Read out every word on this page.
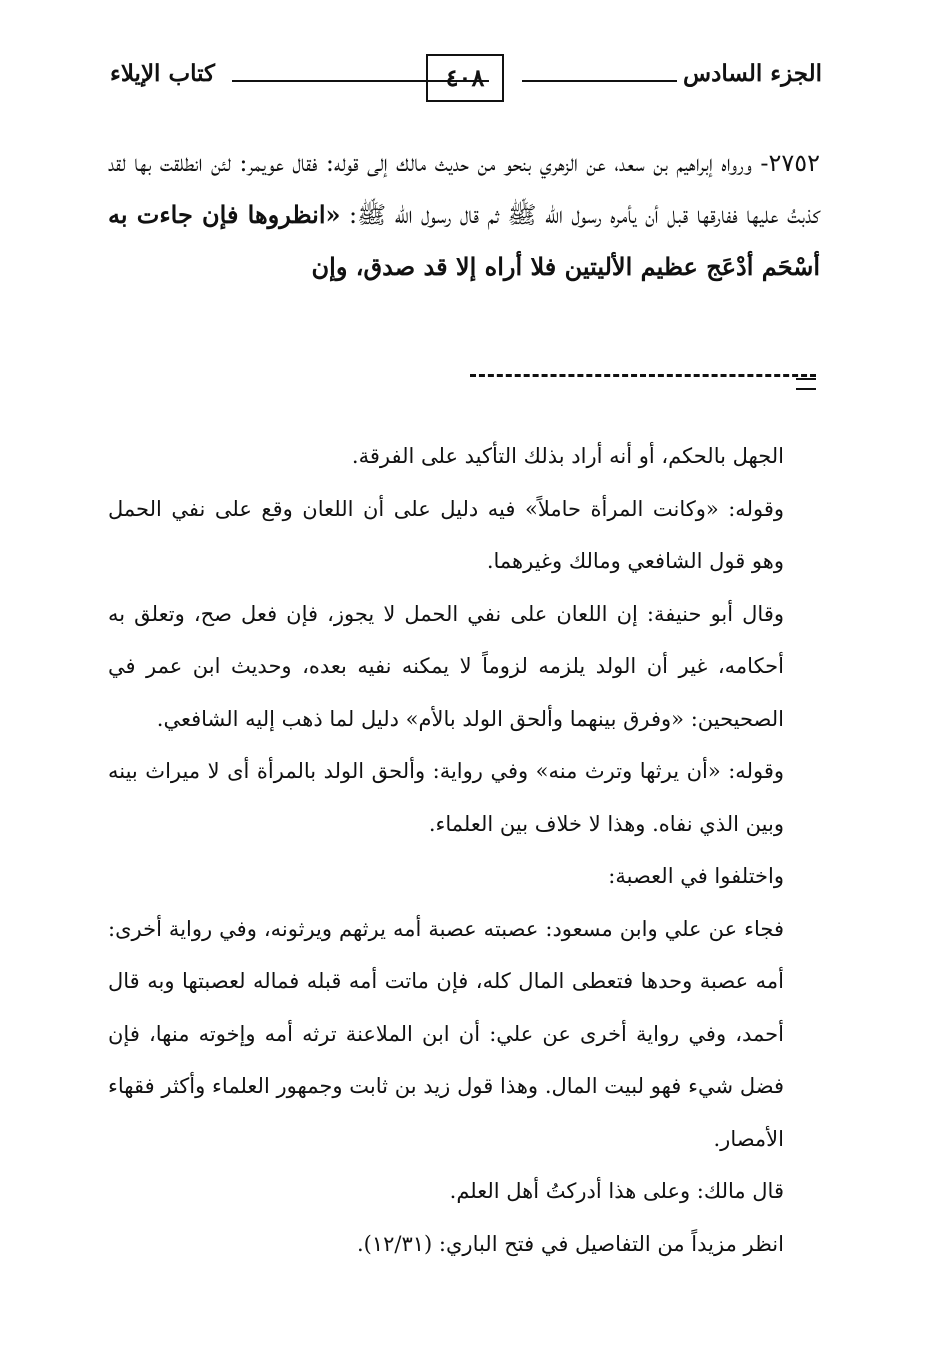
الجزء السادس
٤٠٨
كتاب الإيلاء
٢٧٥٢- ورواه إبراهيم بن سعد، عن الزهري بنحو من حديث مالك إلى قوله: فقال عويمر: لئن انطلقت بها لقد كذبتُ عليها ففارقها قبل أن يأمره رسول الله ﷺ ثم قال رسول الله ﷺ: «انظروها فإن جاءت به أسْحَم أدْعَج عظيم الأليتين فلا أراه إلا قد صدق، وإن

الجهل بالحكم، أو أنه أراد بذلك التأكيد على الفرقة.

وقوله: «وكانت المرأة حاملاً» فيه دليل على أن اللعان وقع على نفي الحمل وهو قول الشافعي ومالك وغيرهما.

وقال أبو حنيفة: إن اللعان على نفي الحمل لا يجوز، فإن فعل صح، وتعلق به أحكامه، غير أن الولد يلزمه لزوماً لا يمكنه نفيه بعده، وحديث ابن عمر في الصحيحين: «وفرق بينهما وألحق الولد بالأم» دليل لما ذهب إليه الشافعي.

وقوله: «أن يرثها وترث منه» وفي رواية: وألحق الولد بالمرأة أى لا ميراث بينه وبين الذي نفاه. وهذا لا خلاف بين العلماء.

واختلفوا في العصبة:

فجاء عن علي وابن مسعود: عصبته عصبة أمه يرثهم ويرثونه، وفي رواية أخرى: أمه عصبة وحدها فتعطى المال كله، فإن ماتت أمه قبله فماله لعصبتها وبه قال أحمد، وفي رواية أخرى عن علي: أن ابن الملاعنة ترثه أمه وإخوته منها، فإن فضل شيء فهو لبيت المال. وهذا قول زيد بن ثابت وجمهور العلماء وأكثر فقهاء الأمصار.

قال مالك: وعلى هذا أدركتُ أهل العلم.

انظر مزيداً من التفاصيل في فتح الباري: (١٢/٣١).
